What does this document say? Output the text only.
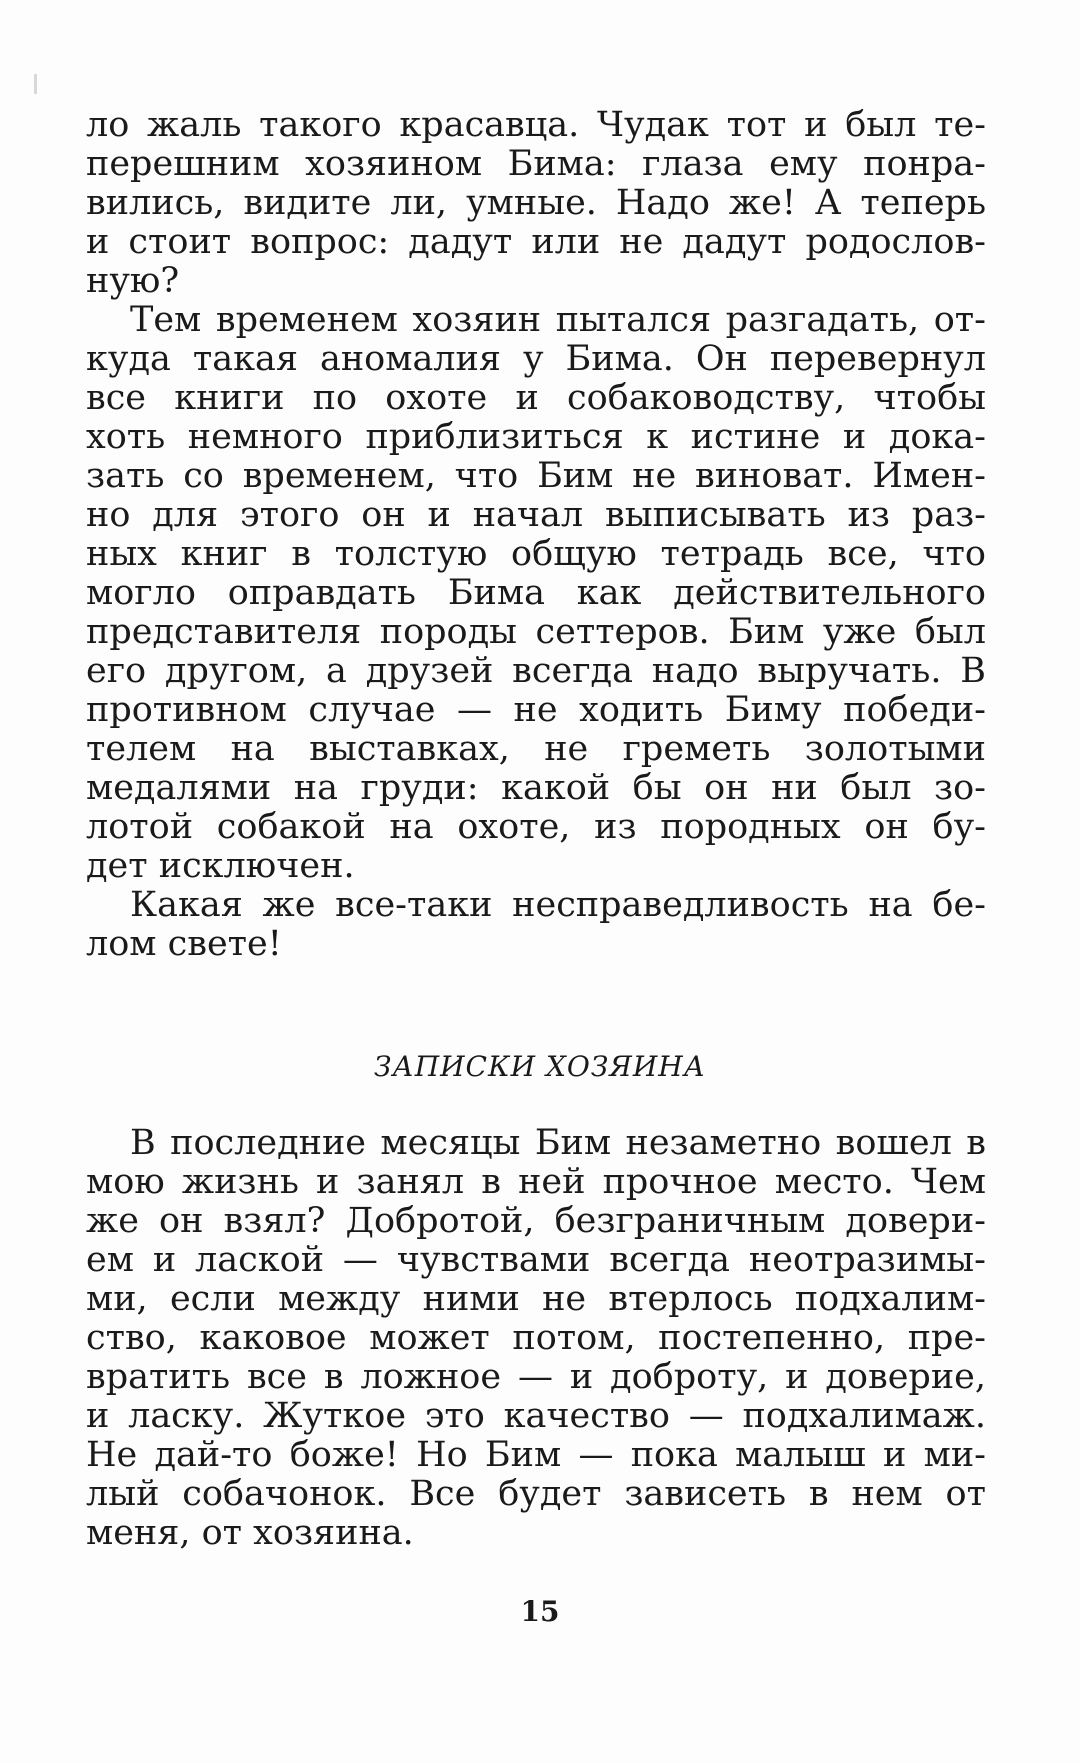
ло жаль такого красавца. Чудак тот и был те-
перешним хозяином Бима: глаза ему понра-
вились, видите ли, умные. Надо же! А теперь
и стоит вопрос: дадут или не дадут родослов-
ную?
Тем временем хозяин пытался разгадать, от-
куда такая аномалия у Бима. Он перевернул
все книги по охоте и собаководству, чтобы
хоть немного приблизиться к истине и дока-
зать со временем, что Бим не виноват. Имен-
но для этого он и начал выписывать из раз-
ных книг в толстую общую тетрадь все, что
могло оправдать Бима как действительного
представителя породы сеттеров. Бим уже был
его другом, а друзей всегда надо выручать. В
противном случае — не ходить Биму победи-
телем на выставках, не греметь золотыми
медалями на груди: какой бы он ни был зо-
лотой собакой на охоте, из породных он бу-
дет исключен.
Какая же все-таки несправедливость на бе-
лом свете!
ЗАПИСКИ ХОЗЯИНА
В последние месяцы Бим незаметно вошел в
мою жизнь и занял в ней прочное место. Чем
же он взял? Добротой, безграничным довери-
ем и лаской — чувствами всегда неотразимы-
ми, если между ними не втерлось подхалим-
ство, каковое может потом, постепенно, пре-
вратить все в ложное — и доброту, и доверие,
и ласку. Жуткое это качество — подхалимаж.
Не дай-то боже! Но Бим — пока малыш и ми-
лый собачонок. Все будет зависеть в нем от
меня, от хозяина.
15
